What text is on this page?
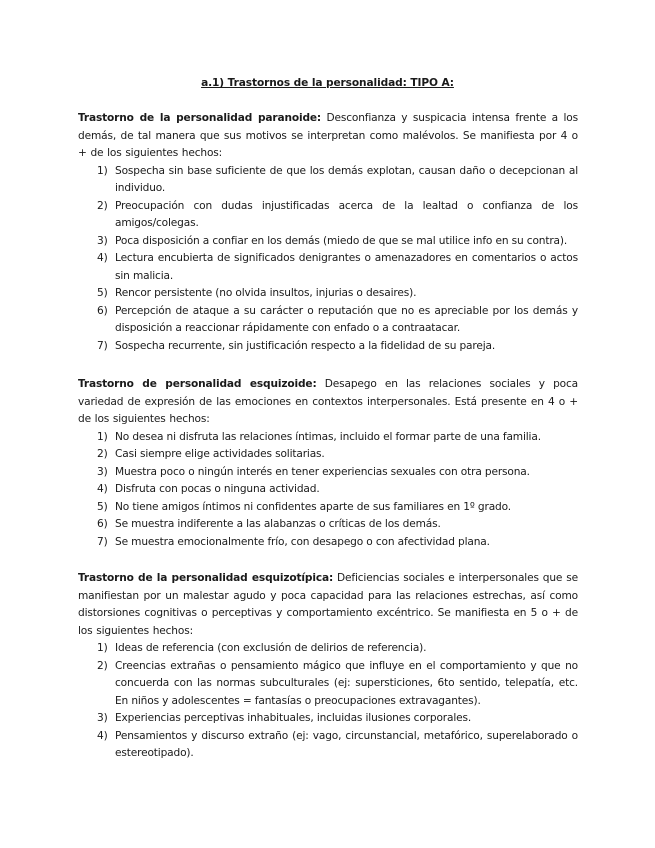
a.1) Trastornos de la personalidad: TIPO A:
Trastorno de la personalidad paranoide: Desconfianza y suspicacia intensa frente a los demás, de tal manera que sus motivos se interpretan como malévolos. Se manifiesta por 4 o + de los siguientes hechos:
1) Sospecha sin base suficiente de que los demás explotan, causan daño o decepcionan al individuo.
2) Preocupación con dudas injustificadas acerca de la lealtad o confianza de los amigos/colegas.
3) Poca disposición a confiar en los demás (miedo de que se mal utilice info en su contra).
4) Lectura encubierta de significados denigrantes o amenazadores en comentarios o actos sin malicia.
5) Rencor persistente (no olvida insultos, injurias o desaires).
6) Percepción de ataque a su carácter o reputación que no es apreciable por los demás y disposición a reaccionar rápidamente con enfado o a contraatacar.
7) Sospecha recurrente, sin justificación respecto a la fidelidad de su pareja.
Trastorno de personalidad esquizoide: Desapego en las relaciones sociales y poca variedad de expresión de las emociones en contextos interpersonales. Está presente en 4 o + de los siguientes hechos:
1) No desea ni disfruta las relaciones íntimas, incluido el formar parte de una familia.
2) Casi siempre elige actividades solitarias.
3) Muestra poco o ningún interés en tener experiencias sexuales con otra persona.
4) Disfruta con pocas o ninguna actividad.
5) No tiene amigos íntimos ni confidentes aparte de sus familiares en 1º grado.
6) Se muestra indiferente a las alabanzas o críticas de los demás.
7) Se muestra emocionalmente frío, con desapego o con afectividad plana.
Trastorno de la personalidad esquizotípica: Deficiencias sociales e interpersonales que se manifiestan por un malestar agudo y poca capacidad para las relaciones estrechas, así como distorsiones cognitivas o perceptivas y comportamiento excéntrico. Se manifiesta en 5 o + de los siguientes hechos:
1) Ideas de referencia (con exclusión de delirios de referencia).
2) Creencias extrañas o pensamiento mágico que influye en el comportamiento y que no concuerda con las normas subculturales (ej: supersticiones, 6to sentido, telepatía, etc. En niños y adolescentes = fantasías o preocupaciones extravagantes).
3) Experiencias perceptivas inhabituales, incluidas ilusiones corporales.
4) Pensamientos y discurso extraño (ej: vago, circunstancial, metafórico, superelaborado o estereotipado).
